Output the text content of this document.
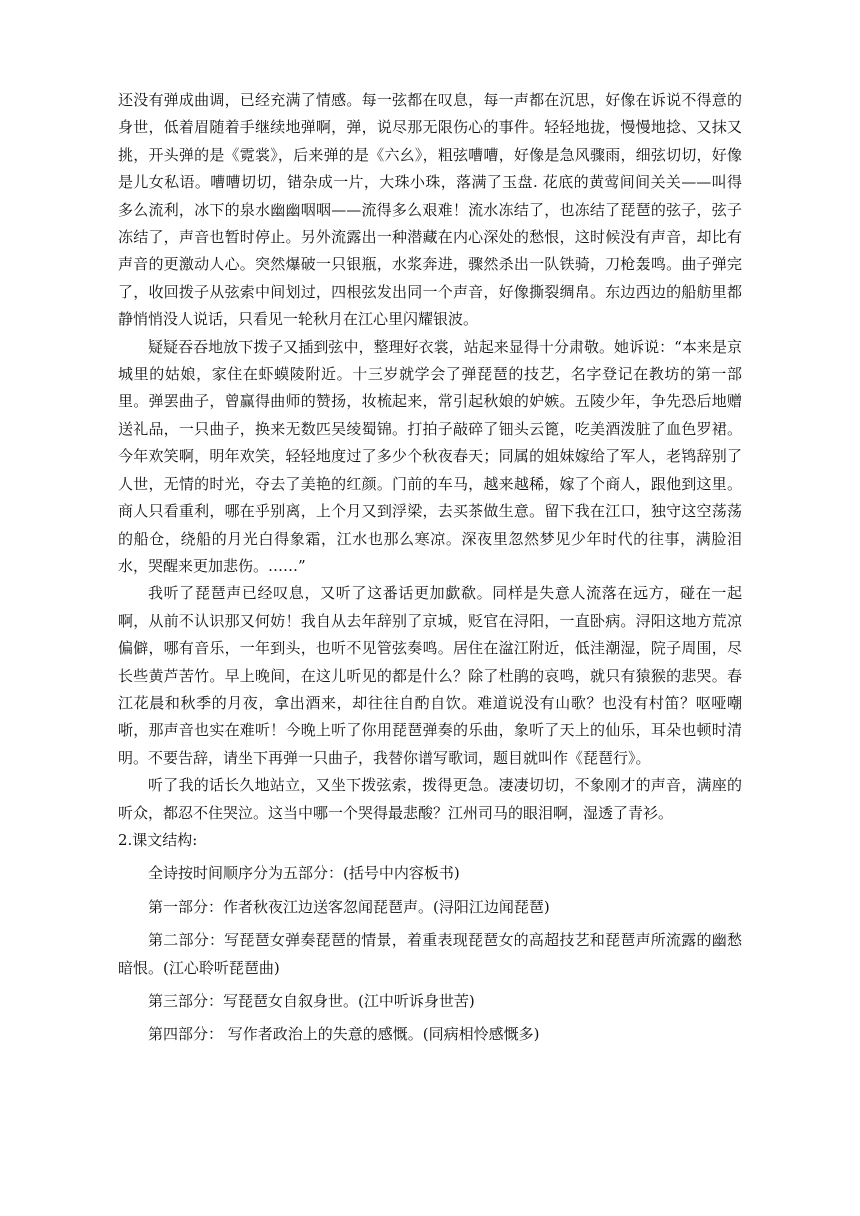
还没有弹成曲调，已经充满了情感。每一弦都在叹息，每一声都在沉思，好像在诉说不得意的身世，低着眉随着手继续地弹啊，弹，说尽那无限伤心的事件。轻轻地拢，慢慢地捻、又抹又挑，开头弹的是《霓裳》，后来弹的是《六幺》，粗弦嘈嘈，好像是急风骤雨，细弦切切，好像是儿女私语。嘈嘈切切，错杂成一片，大珠小珠，落满了玉盘. 花底的黄莺间间关关——叫得多么流利，冰下的泉水幽幽咽咽——流得多么艰难！流水冻结了，也冻结了琵琶的弦子，弦子冻结了，声音也暂时停止。另外流露出一种潜藏在内心深处的愁恨，这时候没有声音，却比有声音的更激动人心。突然爆破一只银瓶，水浆奔进，骤然杀出一队铁骑，刀枪轰鸣。曲子弹完了，收回拨子从弦索中间划过，四根弦发出同一个声音，好像撕裂绸帛。东边西边的船舫里都静悄悄没人说话，只看见一轮秋月在江心里闪耀银波。

疑疑吞吞地放下拨子又插到弦中，整理好衣裳，站起来显得十分肃敬。她诉说：“本来是京城里的姑娘，家住在虾蟆陵附近。十三岁就学会了弹琵琶的技艺，名字登记在教坊的第一部里。弹罢曲子，曾赢得曲师的赞扬，妆梳起来，常引起秋娘的妒嫉。五陵少年，争先恐后地赠送礼品，一只曲子，换来无数匹吴绫蜀锦。打拍子敲碎了钿头云篦，吃美酒泼脏了血色罗裙。今年欢笑啊，明年欢笑，轻轻地度过了多少个秋夜春天；同属的姐妹嫁给了军人，老鸨辞别了人世，无情的时光，夺去了美艳的红颜。门前的车马，越来越稀，嫁了个商人，跟他到这里。商人只看重利，哪在乎别离，上个月又到浮梁，去买茶做生意。留下我在江口，独守这空荡荡的船仓，绕船的月光白得象霜，江水也那么寒凉。深夜里忽然梦见少年时代的往事，满脸泪水，哭醒来更加悲伤。……”

我听了琵琶声已经叹息，又听了这番话更加歔欷。同样是失意人流落在远方，碰在一起啊，从前不认识那又何妨！我自从去年辞别了京城，贬官在浔阳，一直卧病。浔阳这地方荒凉偏僻，哪有音乐，一年到头，也听不见管弦奏鸣。居住在湓江附近，低洼潮湿，院子周围，尽长些黄芦苦竹。早上晚间，在这儿听见的都是什么？除了杜鹃的哀鸣，就只有猿猴的悲哭。春江花晨和秋季的月夜，拿出酒来，却往往自酌自饮。难道说没有山歌？也没有村笛？呕哑嘲哳，那声音也实在难听！今晚上听了你用琵琶弹奏的乐曲，象听了天上的仙乐，耳朵也顿时清明。不要告辞，请坐下再弹一只曲子，我替你谱写歌词，题目就叫作《琵琶行》。

听了我的话长久地站立，又坐下拨弦索，拨得更急。凄凄切切，不象刚才的声音，满座的听众，都忍不住哭泣。这当中哪一个哭得最悲酸？江州司马的眼泪啊，湿透了青衫。

2.课文结构:

全诗按时间顺序分为五部分：(括号中内容板书)

第一部分：作者秋夜江边送客忽闻琵琶声。(浔阳江边闻琵琶)

第二部分：写琵琶女弹奏琵琶的情景，着重表现琵琶女的高超技艺和琵琶声所流露的幽愁暗恨。(江心聆听琵琶曲)

第三部分：写琵琶女自叙身世。(江中听诉身世苦)

第四部分： 写作者政治上的失意的感慨。(同病相怜感慨多)
